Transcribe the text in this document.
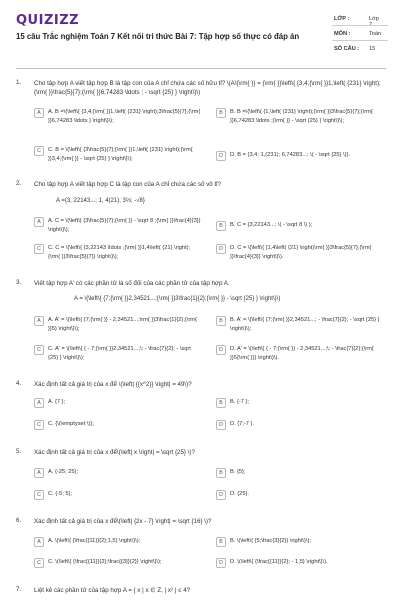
QUIZIZZ
15 câu Trắc nghiệm Toán 7 Kết nối tri thức Bài 7: Tập hợp số thực có đáp án
LỚP :	Lớp
MÔN :	Toán
SỐ CÂU : 15
1. Cho tập hợp A viết tập hợp B là tập con của A chỉ chứa các số hữu tỉ? \(A\{\rm{ }} = {\rm{ }}\left\{ {3,4;{\rm{ }}1,\left( {231} \right);{\rm{ }}\frac{5}{7};{\rm{ }}6,74283 \ldots ; - \sqrt {25} } \right\}\)
A	A. B =\{\left\{ {3,4;{\rm{ }}1,\left( {231} \right);3\frac{5}{7};{\rm{ }}6,74283 \ldots } \right\}\);
B	B. B =\{\left\{ {1,\left( {231} \right);{\rm{ }}3\frac{5}{7};{\rm{ }}6,74283 \ldots ;{\rm{ }} - \sqrt {25} } \right\}\);
C	C. B = \{\left\{ {3\frac{5}{7};{\rm{ }}1,\left( {231} \right);{\rm{ }}3,4;{\rm{ }} - \sqrt {25} } \right\}\);	D	D. B = {3,4; 1,(231); 6,74283...; \( - \sqrt {25} \)}.
2. Cho tập hợp A viết tập hợp C là tập con của A chỉ chứa các số vô tỉ?
A ={3, 22143...; 1, 4(21); 3⅓; -√8}
A	A. C = \{\left\{ {3\frac{5}{7};{\rm{ }} - \sqrt 8 ;{\rm{ }}\frac{4}{3}} \right\}\);
B	B. C = {3,22143...; \( - \sqrt 8 \) };
C	C. C = \{\left\{ {3,22143 \ldots ;{\rm{ }}1,4\left( {21} \right);{\rm{ }}3\frac{5}{7}} \right\}\);
D	D. C = \{\left\{ {1,4\left( {21} \right)\rm{ }}3\frac{5}{7};{\rm{ }}\frac{4}{3}} \right\}\).
3. Viết tập hợp A' có các phần tử là số đối của các phần tử của tập hợp A.
A = \{\left\{ {7;{\rm{ }}2,34521...;{\rm{ }}3\frac{1}{2};{\rm{ }} - \sqrt {25} } \right\}\)
A	A. A' = \{\left\{ {7;{\rm{ }} - 2,34521...;\rm{ }}3\frac{1}{2};{\rm{ }}5} \right\}\);
B	B. A' = \{\left\{ {7;{\rm{ }}2,34521...; - \frac{7}{2}; - \sqrt {25} } \right\}\);
C	C. A' = \{\left\{ { - 7;{\rm{ }}2,34521...;\; - \frac{7}{2}; - \sqrt {25} } \right\}\);
D	D. A' = \{\left\{ { - 7;{\rm{ }} - 2,34521...;\; - \frac{7}{2};{\rm{ }}5{\rm{ }}} \right\}\).
4. Xác định tất cả giá trị của x để \(\left| {{x^2}} \right| = 49\)?
A	A. {7 };	B	B. {-7 };
C	C. {\(\emptyset \)};	D	D. {7;-7 }.
5. Xác định tất cả giá trị của x để\(\left| x \right| = \sqrt {25} \)?
A	A. {-25; 25};	B	B. {5};
C	C. {-5; 5};	D	D. {25}.
6. Xác định tất cả giá trị của x để\(\left| {2x - 7} \right| = \sqrt {16} \)?
A	A. \(\left\{ {\frac{{11}}{2};1,5} \right\}\);	B	B. \(\left\{ {5;\frac{3}{2}} \right\}\);
C	C. \(\left\{ {\frac{{11}}{2};\frac{{3}}{2}} \right\}\);	D	D. \(\left\{ {\frac{{11}}{2}; - 1,5} \right\}\).
7. Liệt kê các phần tử của tập hợp A = { x | x ∈ Z, | x² | ≤ 4?
